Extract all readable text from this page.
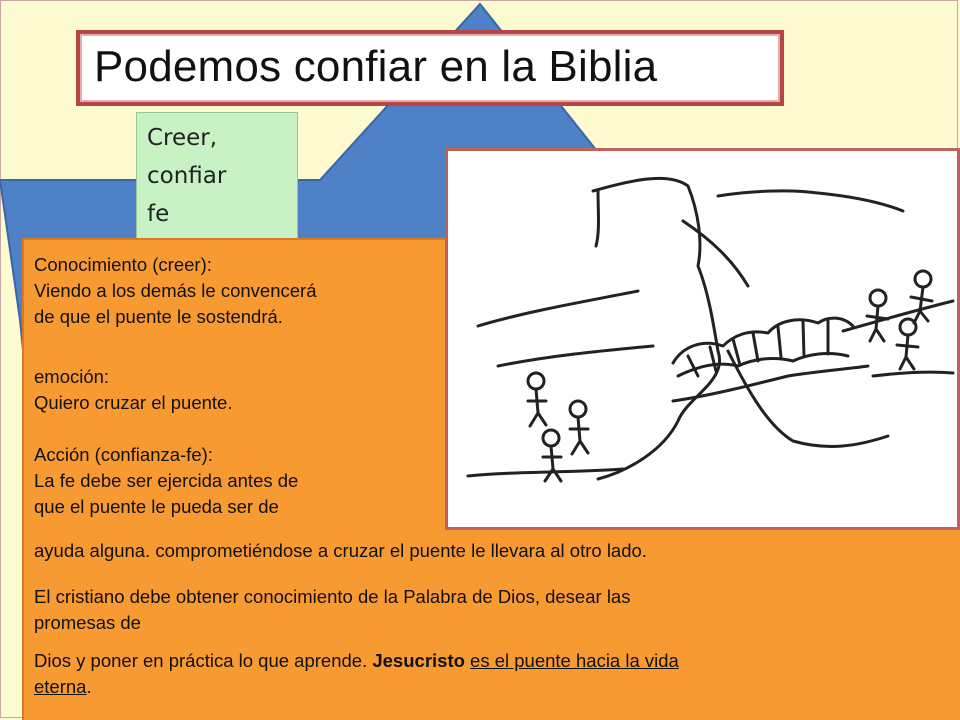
Podemos confiar en la Biblia
Creer,
confiar
fe
Conocimiento (creer):
Viendo a los demás le convencerá
de que el puente le sostendrá.
emoción:
Quiero cruzar el puente.
Acción (confianza-fe):
La fe debe ser ejercida antes de
que el puente le pueda ser de
ayuda alguna. comprometiéndose a cruzar el puente le llevara al otro lado.
El cristiano debe obtener conocimiento de la Palabra de Dios, desear las
promesas de
Dios y poner en práctica lo que aprende. Jesucristo es el puente hacia la vida
eterna.
